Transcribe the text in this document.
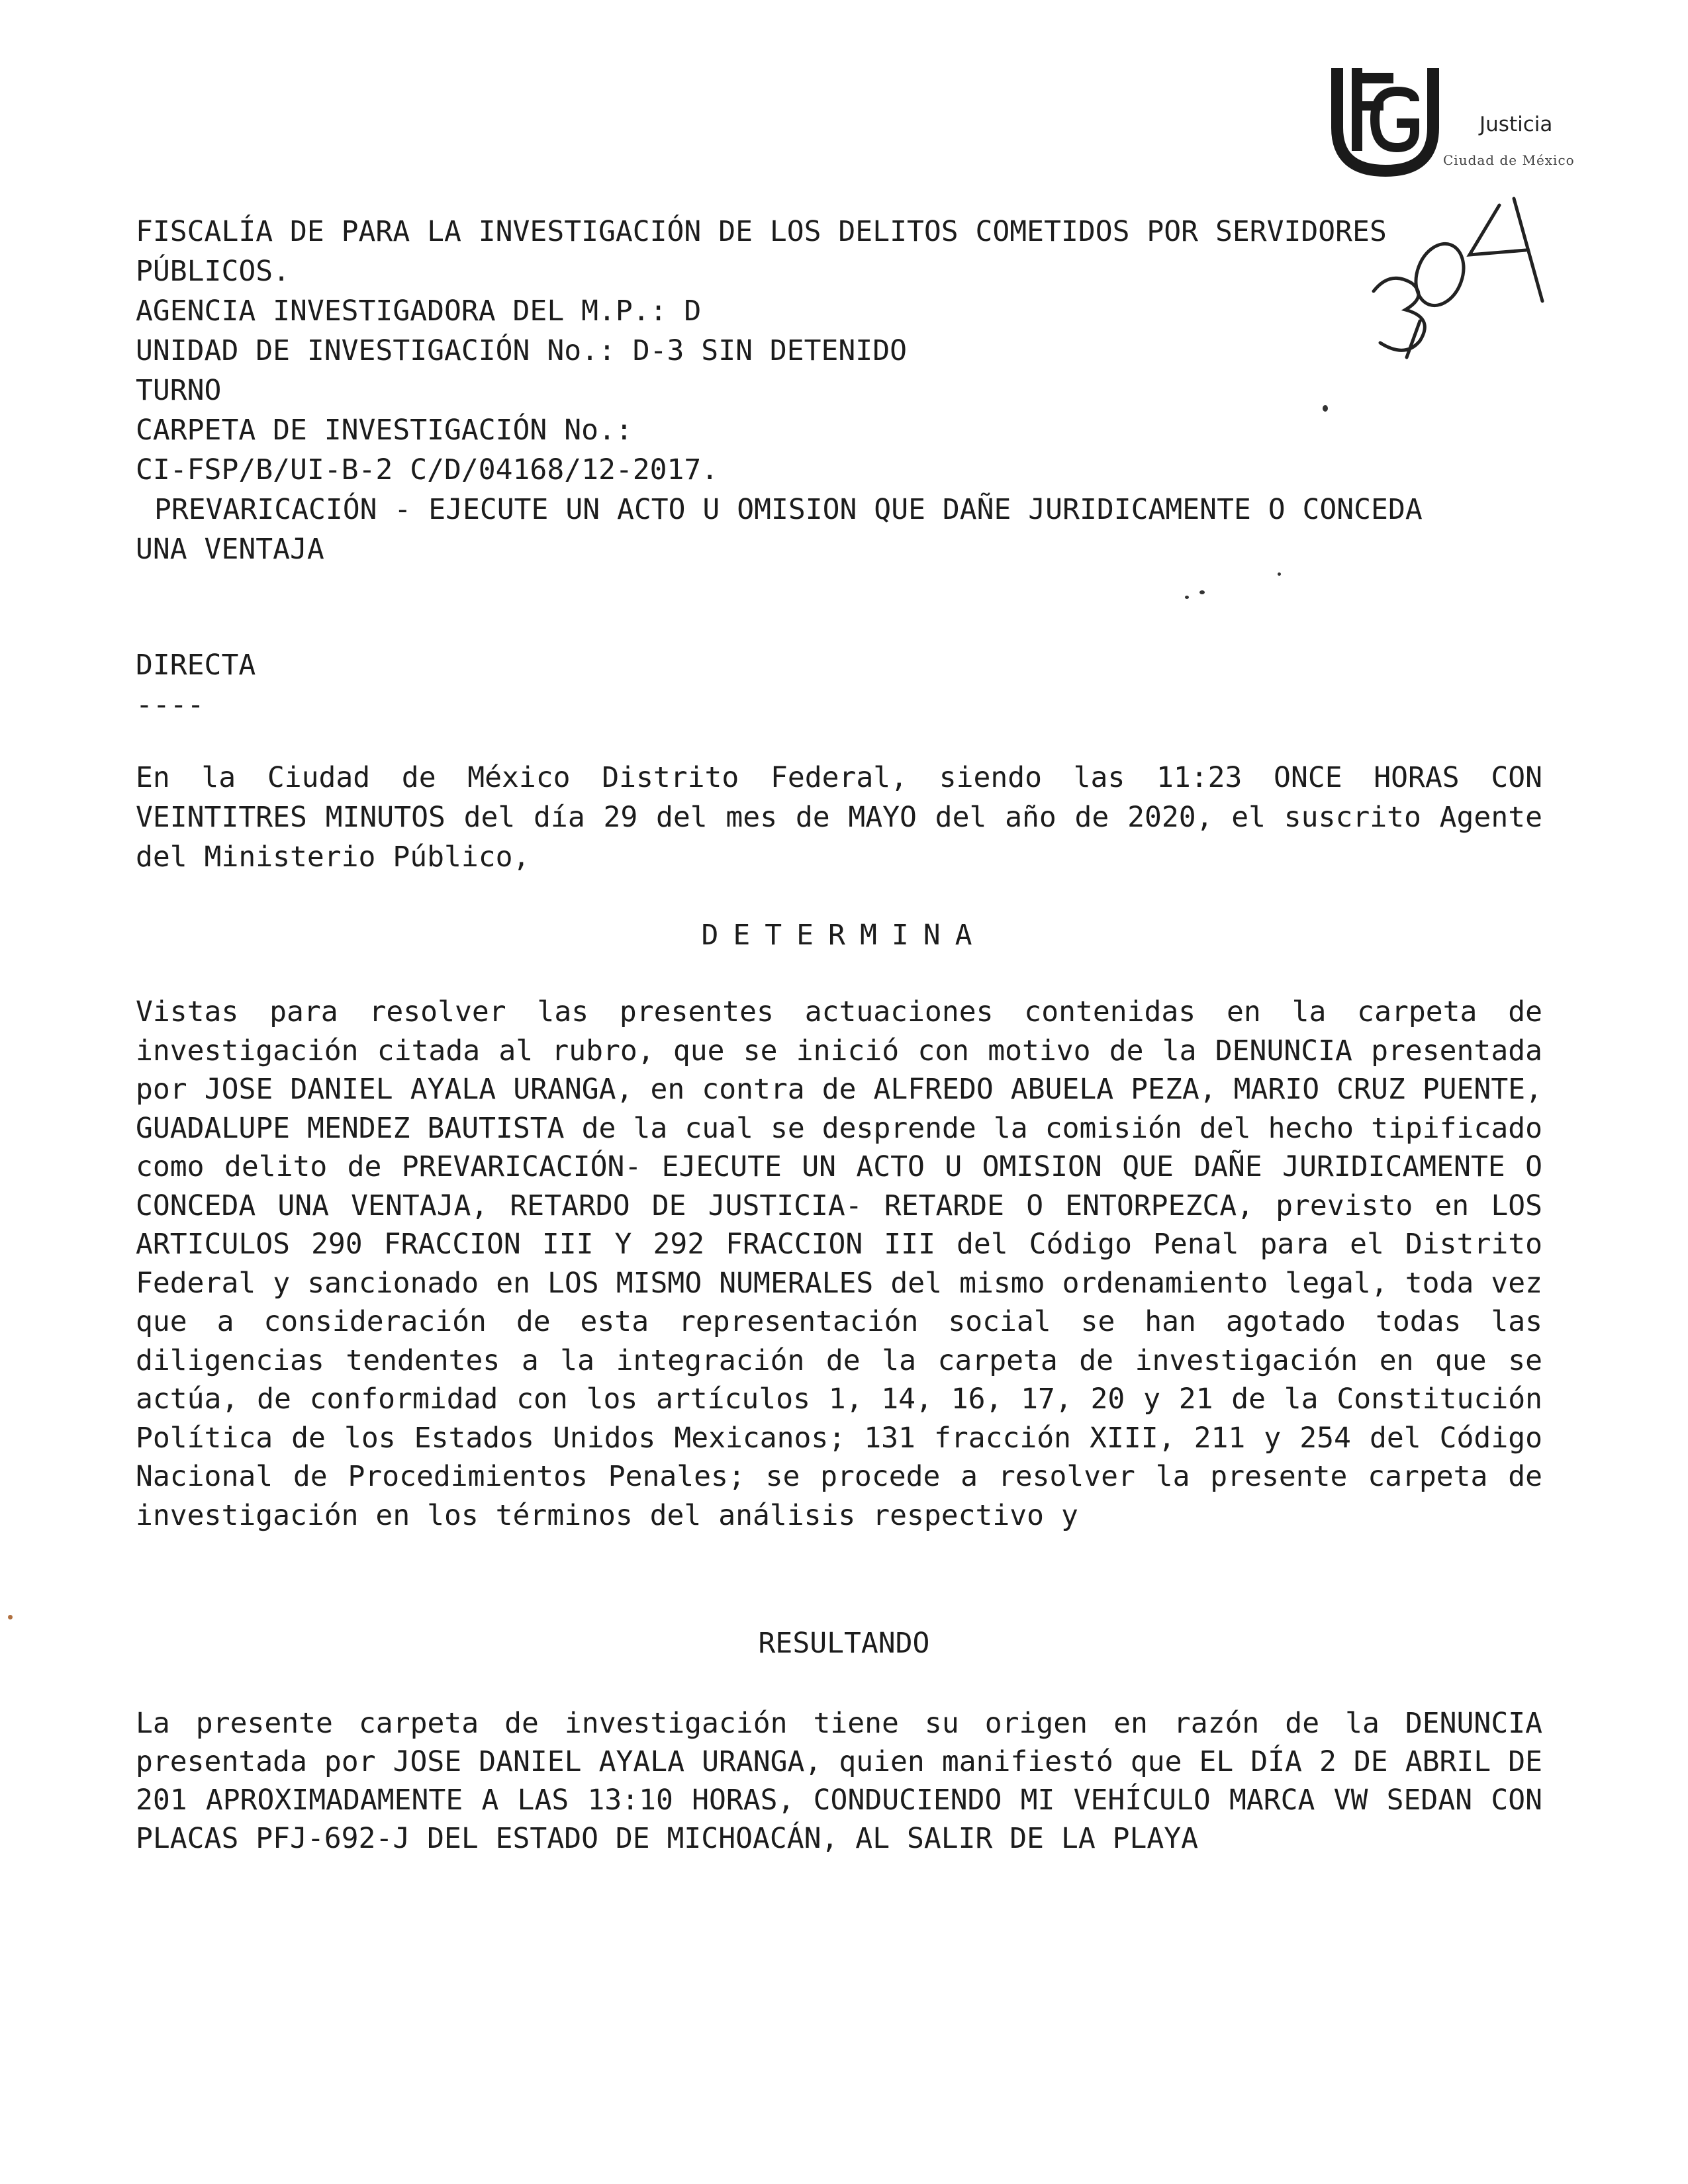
Justicia
Ciudad de México
FISCALÍA DE PARA LA INVESTIGACIÓN DE LOS DELITOS COMETIDOS POR SERVIDORES
PÚBLICOS.
AGENCIA INVESTIGADORA DEL M.P.: D
UNIDAD DE INVESTIGACIÓN No.: D-3 SIN DETENIDO
TURNO
CARPETA DE INVESTIGACIÓN No.:
CI-FSP/B/UI-B-2 C/D/04168/12-2017.
PREVARICACIÓN - EJECUTE UN ACTO U OMISION QUE DAÑE JURIDICAMENTE O CONCEDA
UNA VENTAJA
DIRECTA
----
En la Ciudad de México Distrito Federal, siendo las 11:23 ONCE HORAS CON VEINTITRES MINUTOS del día 29 del mes de MAYO del año de 2020, el suscrito Agente del Ministerio Público,
DETERMINA
Vistas para resolver las presentes actuaciones contenidas en la carpeta de investigación citada al rubro, que se inició con motivo de la DENUNCIA presentada por JOSE DANIEL AYALA URANGA, en contra de ALFREDO ABUELA PEZA, MARIO CRUZ PUENTE, GUADALUPE MENDEZ BAUTISTA de la cual se desprende la comisión del hecho tipificado como delito de PREVARICACIÓN- EJECUTE UN ACTO U OMISION QUE DAÑE JURIDICAMENTE O CONCEDA UNA VENTAJA, RETARDO DE JUSTICIA- RETARDE O ENTORPEZCA, previsto en LOS ARTICULOS 290 FRACCION III Y 292 FRACCION III del Código Penal para el Distrito Federal y sancionado en LOS MISMO NUMERALES del mismo ordenamiento legal, toda vez que a consideración de esta representación social se han agotado todas las diligencias tendentes a la integración de la carpeta de investigación en que se actúa, de conformidad con los artículos 1, 14, 16, 17, 20 y 21 de la Constitución Política de los Estados Unidos Mexicanos; 131 fracción XIII, 211 y 254 del Código Nacional de Procedimientos Penales; se procede a resolver la presente carpeta de investigación en los términos del análisis respectivo y
RESULTANDO
La presente carpeta de investigación tiene su origen en razón de la DENUNCIA presentada por JOSE DANIEL AYALA URANGA, quien manifiestó que EL DÍA 2 DE ABRIL DE 201 APROXIMADAMENTE A LAS 13:10 HORAS, CONDUCIENDO MI VEHÍCULO MARCA VW SEDAN CON PLACAS PFJ-692-J DEL ESTADO DE MICHOACÁN, AL SALIR DE LA PLAYA
